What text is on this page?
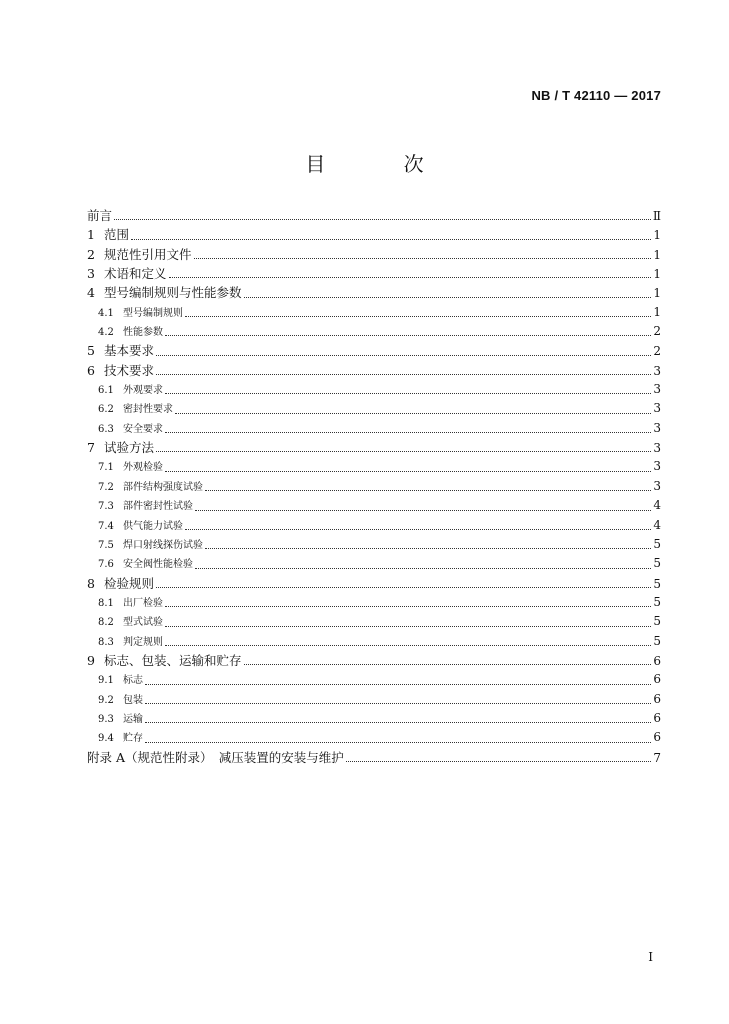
NB / T 42110 — 2017
目 次
前言	Ⅱ
1 范围	1
2 规范性引用文件	1
3 术语和定义	1
4 型号编制规则与性能参数	1
4.1 型号编制规则	1
4.2 性能参数	2
5 基本要求	2
6 技术要求	3
6.1 外观要求	3
6.2 密封性要求	3
6.3 安全要求	3
7 试验方法	3
7.1 外观检验	3
7.2 部件结构强度试验	3
7.3 部件密封性试验	4
7.4 供气能力试验	4
7.5 焊口射线探伤试验	5
7.6 安全阀性能检验	5
8 检验规则	5
8.1 出厂检验	5
8.2 型式试验	5
8.3 判定规则	5
9 标志、包装、运输和贮存	6
9.1 标志	6
9.2 包装	6
9.3 运输	6
9.4 贮存	6
附录 A（规范性附录）　减压装置的安装与维护	7
I
